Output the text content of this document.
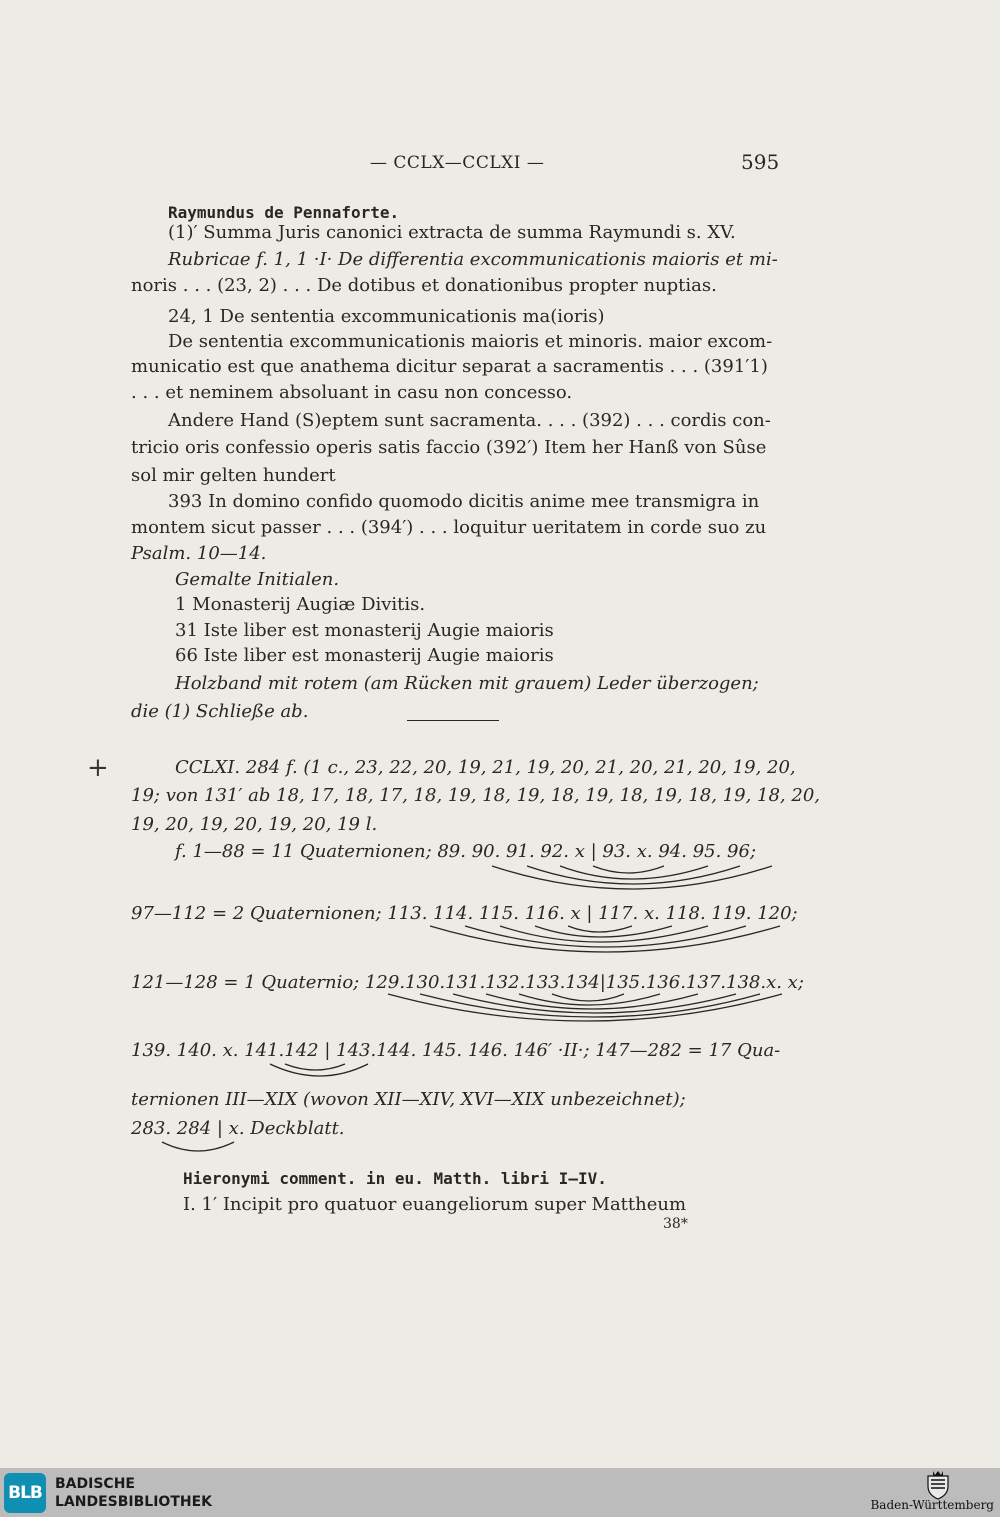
— CCLX—CCLXI —	595
Raymundus de Pennaforte.
(1)′ Summa Juris canonici extracta de summa Raymundi s. XV.
Rubricae f. 1, 1 ·I· De differentia excommunicationis maioris et mi-
noris . . . (23, 2) . . . De dotibus et donationibus propter nuptias.
24, 1 De sententia excommunicationis ma(ioris)
De sententia excommunicationis maioris et minoris. maior excom-
municatio est que anathema dicitur separat a sacramentis . . . (391′1)
. . . et neminem absoluant in casu non concesso.
Andere Hand (S)eptem sunt sacramenta. . . . (392) . . . cordis con-
tricio oris confessio operis satis faccio (392′) Item her Hanß von Sûse
sol mir gelten hundert
393 In domino confido quomodo dicitis anime mee transmigra in
montem sicut passer . . . (394′) . . . loquitur ueritatem in corde suo zu
Psalm. 10—14.
Gemalte Initialen.
1 Monasterij Augiæ Divitis.
31 Iste liber est monasterij Augie maioris
66 Iste liber est monasterij Augie maioris
Holzband mit rotem (am Rücken mit grauem) Leder überzogen;
die (1) Schließe ab.
+	CCLXI. 284 f. (1 c., 23, 22, 20, 19, 21, 19, 20, 21, 20, 21, 20, 19, 20,
19; von 131′ ab 18, 17, 18, 17, 18, 19, 18, 19, 18, 19, 18, 19, 18, 19, 18, 20,
19, 20, 19, 20, 19, 20, 19 l.
f. 1—88 = 11 Quaternionen; 89. 90. 91. 92. x | 93. x. 94. 95. 96;
97—112 = 2 Quaternionen; 113. 114. 115. 116. x | 117. x. 118. 119. 120;
121—128 = 1 Quaternio; 129.130.131.132.133.134|135.136.137.138.x. x;
139. 140. x. 141.142 | 143.144. 145. 146. 146′ ·II·; 147—282 = 17 Qua-
ternionen III—XIX (wovon XII—XIV, XVI—XIX unbezeichnet);
283. 284 | x. Deckblatt.
Hieronymi comment. in eu. Matth. libri I—IV.
I. 1′ Incipit pro quatuor euangeliorum super Mattheum
38*
BLB BADISCHE
LANDESBIBLIOTHEK	Baden-Württemberg
